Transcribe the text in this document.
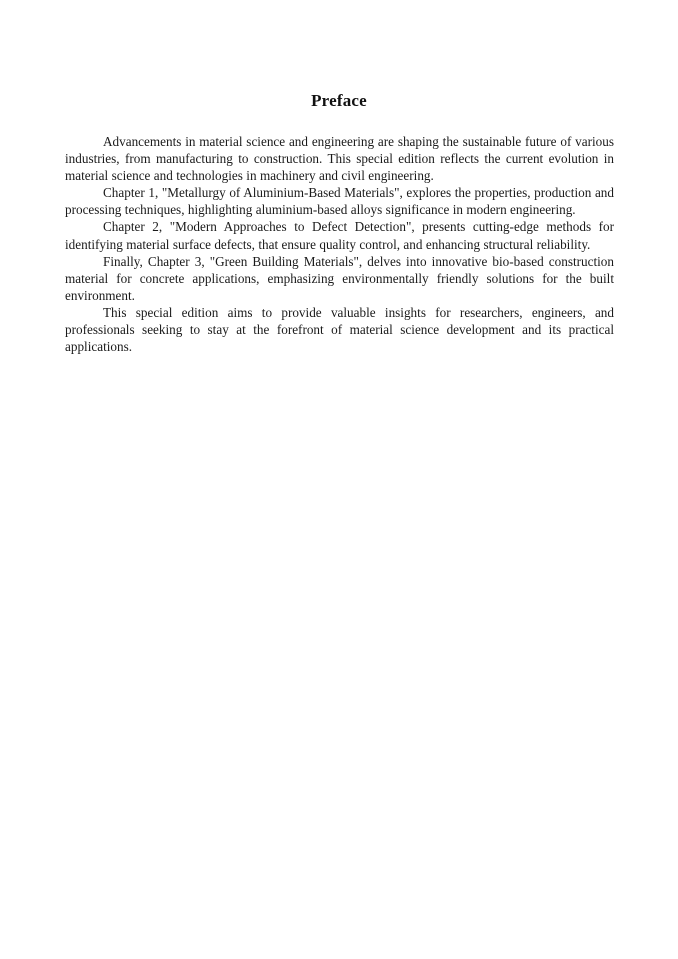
Preface

Advancements in material science and engineering are shaping the sustainable future of various industries, from manufacturing to construction. This special edition reflects the current evolution in material science and technologies in machinery and civil engineering.

Chapter 1, "Metallurgy of Aluminium-Based Materials", explores the properties, production and processing techniques, highlighting aluminium-based alloys significance in modern engineering.

Chapter 2, "Modern Approaches to Defect Detection", presents cutting-edge methods for identifying material surface defects, that ensure quality control, and enhancing structural reliability.

Finally, Chapter 3, "Green Building Materials", delves into innovative bio-based construction material for concrete applications, emphasizing environmentally friendly solutions for the built environment.

This special edition aims to provide valuable insights for researchers, engineers, and professionals seeking to stay at the forefront of material science development and its practical applications.
